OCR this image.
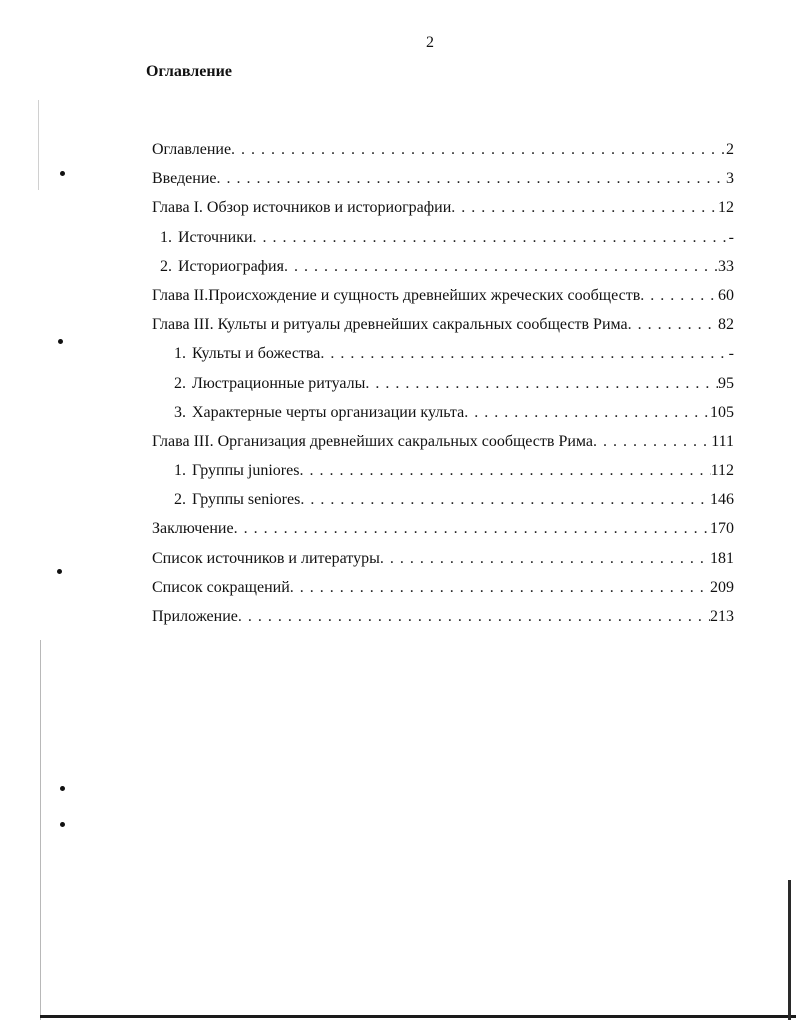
2
Оглавление
Оглавление . . .	2
Введение . . .	3
Глава I. Обзор источников и историографии . . .	12
1. Источники . . .	-
2. Историография . . .	33
Глава II.Происхождение и сущность древнейших жреческих сообществ . . .	60
Глава III. Культы и ритуалы древнейших сакральных сообществ Рима . . .	82
1. Культы и божества . . .	-
2. Люстрационные ритуалы . . .	95
3. Характерные черты организации культа . . .	105
Глава III. Организация древнейших сакральных сообществ Рима . . .	111
1. Группы juniores . . .	112
2. Группы seniores . . .	146
Заключение . . .	170
Список источников и литературы . . .	181
Список сокращений . . .	209
Приложение . . .	213
